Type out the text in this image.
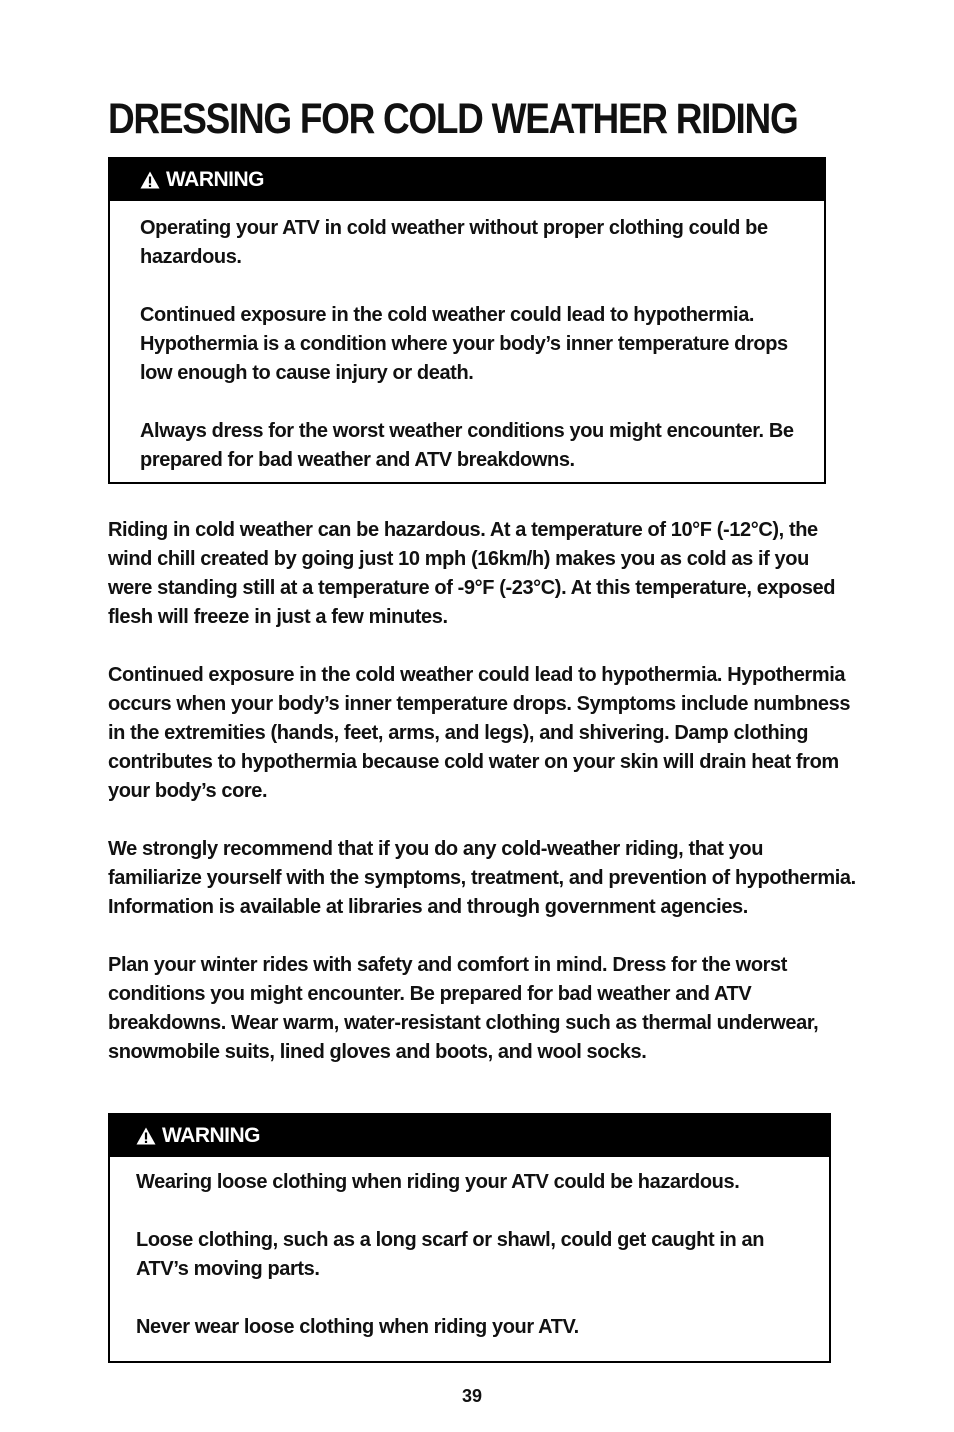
DRESSING FOR COLD WEATHER RIDING
WARNING

Operating your ATV in cold weather without proper clothing could be hazardous.

Continued exposure in the cold weather could lead to hypothermia. Hypothermia is a condition where your body’s inner temperature drops low enough to cause injury or death.

Always dress for the worst weather conditions you might encounter. Be prepared for bad weather and ATV breakdowns.

Riding in cold weather can be hazardous. At a temperature of 10°F (-12°C), the wind chill created by going just 10 mph (16km/h) makes you as cold as if you were standing still at a temperature of -9°F (-23°C). At this temperature, exposed flesh will freeze in just a few minutes.

Continued exposure in the cold weather could lead to hypothermia. Hypothermia occurs when your body’s inner temperature drops. Symptoms include numbness in the extremities (hands, feet, arms, and legs), and shivering. Damp clothing contributes to hypothermia because cold water on your skin will drain heat from your body’s core.

We strongly recommend that if you do any cold-weather riding, that you familiarize yourself with the symptoms, treatment, and prevention of hypothermia. Information is available at libraries and through government agencies.

Plan your winter rides with safety and comfort in mind. Dress for the worst conditions you might encounter. Be prepared for bad weather and ATV breakdowns. Wear warm, water-resistant clothing such as thermal underwear, snowmobile suits, lined gloves and boots, and wool socks.

WARNING

Wearing loose clothing when riding your ATV could be hazardous.

Loose clothing, such as a long scarf or shawl, could get caught in an ATV’s moving parts.

Never wear loose clothing when riding your ATV.

39
